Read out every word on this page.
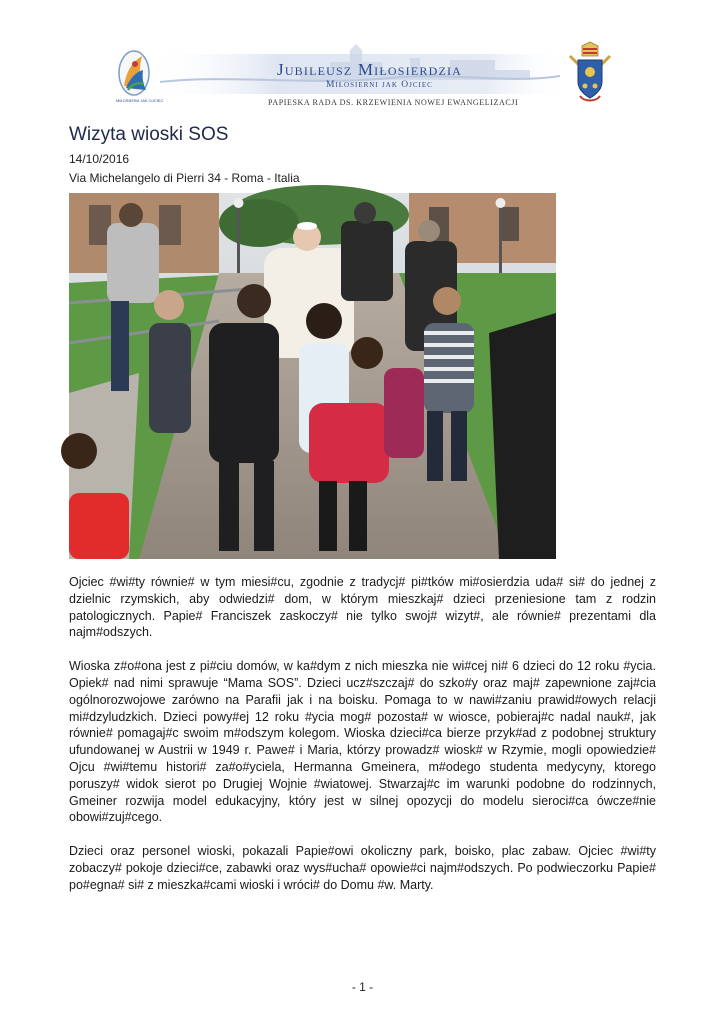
MIŁOSIERNI JAK OJCIEC
Jubileusz Miłosierdzia
Miłosierni jak Ojciec
PAPIESKA RADA DS. KRZEWIENIA NOWEJ EWANGELIZACJI
Wizyta wioski SOS
14/10/2016
Via Michelangelo di Pierri 34 - Roma - Italia

Ojciec #wi#ty równie# w tym miesi#cu, zgodnie z tradycj# pi#tków mi#osierdzia uda# si# do jednej z dzielnic rzymskich, aby odwiedzi# dom, w którym mieszkaj# dzieci przeniesione tam z rodzin patologicznych. Papie# Franciszek zaskoczy# nie tylko swoj# wizyt#, ale równie# prezentami dla najm#odszych.

Wioska z#o#ona jest z pi#ciu domów, w ka#dym z nich mieszka nie wi#cej ni# 6 dzieci do 12 roku #ycia. Opiek# nad nimi sprawuje “Mama SOS”. Dzieci ucz#szczaj# do szko#y oraz maj# zapewnione zaj#cia ogólnorozwojowe zarówno na Parafii jak i na boisku. Pomaga to w nawi#zaniu prawid#owych relacji mi#dzyludzkich. Dzieci powy#ej 12 roku #ycia mog# pozosta# w wiosce, pobieraj#c nadal nauk#, jak równie# pomagaj#c swoim m#odszym kolegom. Wioska dzieci#ca bierze przyk#ad z podobnej struktury ufundowanej w Austrii w 1949 r. Pawe# i Maria, którzy prowadz# wiosk# w Rzymie, mogli opowiedzie# Ojcu #wi#temu histori# za#o#yciela, Hermanna Gmeinera, m#odego studenta medycyny, ktorego poruszy# widok sierot po Drugiej Wojnie #wiatowej. Stwarzaj#c im warunki podobne do rodzinnych, Gmeiner rozwija model edukacyjny, który jest w silnej opozycji do modelu sieroci#ca ówcze#nie obowi#zuj#cego.

Dzieci oraz personel wioski, pokazali Papie#owi okoliczny park, boisko, plac zabaw. Ojciec #wi#ty zobaczy# pokoje dzieci#ce, zabawki oraz wys#ucha# opowie#ci najm#odszych. Po podwieczorku Papie# po#egna# si# z mieszka#cami wioski i wróci# do Domu #w. Marty.

- 1 -
